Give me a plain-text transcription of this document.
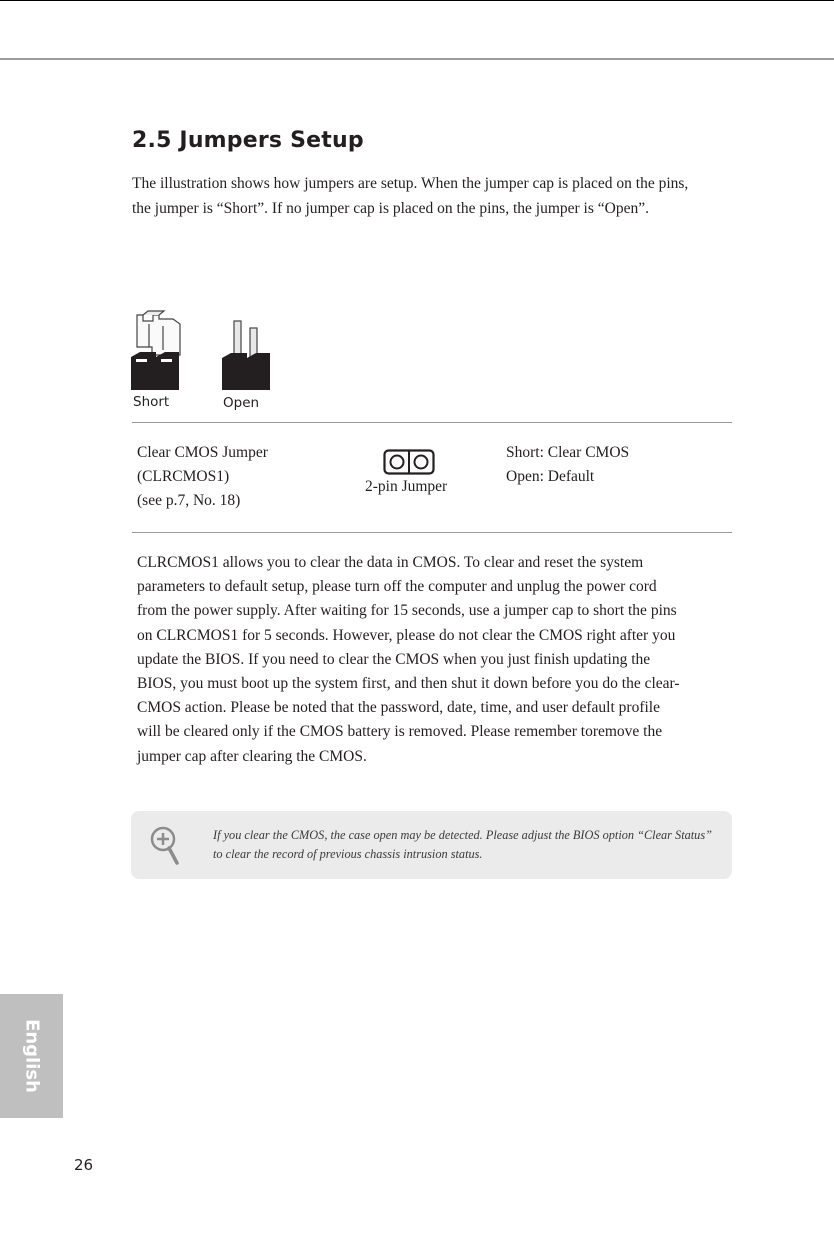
2.5 Jumpers Setup

The illustration shows how jumpers are setup. When the jumper cap is placed on the pins, the jumper is “Short”. If no jumper cap is placed on the pins, the jumper is “Open”.

Short	Open
Clear CMOS Jumper
(CLRCMOS1)
(see p.7, No. 18)
2-pin Jumper
Short: Clear CMOS
Open: Default

CLRCMOS1 allows you to clear the data in CMOS. To clear and reset the system parameters to default setup, please turn off the computer and unplug the power cord from the power supply. After waiting for 15 seconds, use a jumper cap to short the pins on CLRCMOS1 for 5 seconds. However, please do not clear the CMOS right after you update the BIOS. If you need to clear the CMOS when you just finish updating the BIOS, you must boot up the system first, and then shut it down before you do the clear-CMOS action. Please be noted that the password, date, time, and user default profile will be cleared only if the CMOS battery is removed. Please remember toremove the jumper cap after clearing the CMOS.

If you clear the CMOS, the case open may be detected. Please adjust the BIOS option “Clear Status” to clear the record of previous chassis intrusion status.

English
26
